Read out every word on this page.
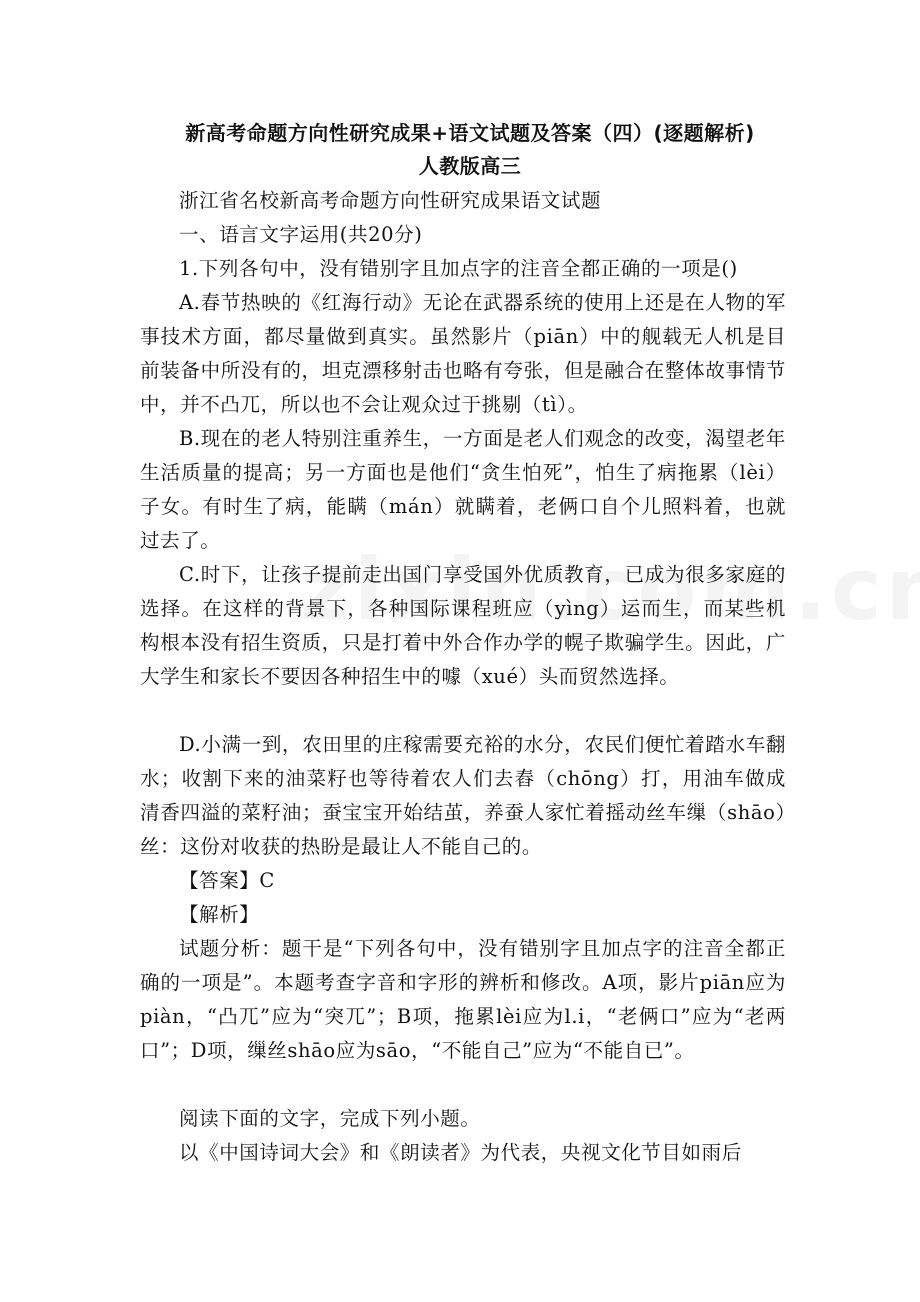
新高考命题方向性研究成果+语文试题及答案（四）(逐题解析)
人教版高三
浙江省名校新高考命题方向性研究成果语文试题
一、语言文字运用(共20分)
1.下列各句中，没有错别字且加点字的注音全都正确的一项是()
A.春节热映的《红海行动》无论在武器系统的使用上还是在人物的军事技术方面，都尽量做到真实。虽然影片（piān）中的舰载无人机是目前装备中所没有的，坦克漂移射击也略有夸张，但是融合在整体故事情节中，并不凸兀，所以也不会让观众过于挑剔（tì）。
B.现在的老人特别注重养生，一方面是老人们观念的改变，渴望老年生活质量的提高；另一方面也是他们“贪生怕死”，怕生了病拖累（lèi）子女。有时生了病，能瞒（mán）就瞒着，老俩口自个儿照料着，也就过去了。
C.时下，让孩子提前走出国门享受国外优质教育，已成为很多家庭的选择。在这样的背景下，各种国际课程班应（yìng）运而生，而某些机构根本没有招生资质，只是打着中外合作办学的幌子欺骗学生。因此，广大学生和家长不要因各种招生中的噱（xué）头而贸然选择。
D.小满一到，农田里的庄稼需要充裕的水分，农民们便忙着踏水车翻水；收割下来的油菜籽也等待着农人们去舂（chōng）打，用油车做成清香四溢的菜籽油；蚕宝宝开始结茧，养蚕人家忙着摇动丝车缫（shāo）丝：这份对收获的热盼是最让人不能自己的。
【答案】C
【解析】
试题分析：题干是“下列各句中，没有错别字且加点字的注音全都正确的一项是”。本题考查字音和字形的辨析和修改。A项，影片piān应为piàn，“凸兀”应为“突兀”；B项，拖累lèi应为l.i，“老俩口”应为“老两口”；D项，缫丝shāo应为sāo，“不能自己”应为“不能自已”。
阅读下面的文字，完成下列小题。
以《中国诗词大会》和《朗读者》为代表，央视文化节目如雨后
